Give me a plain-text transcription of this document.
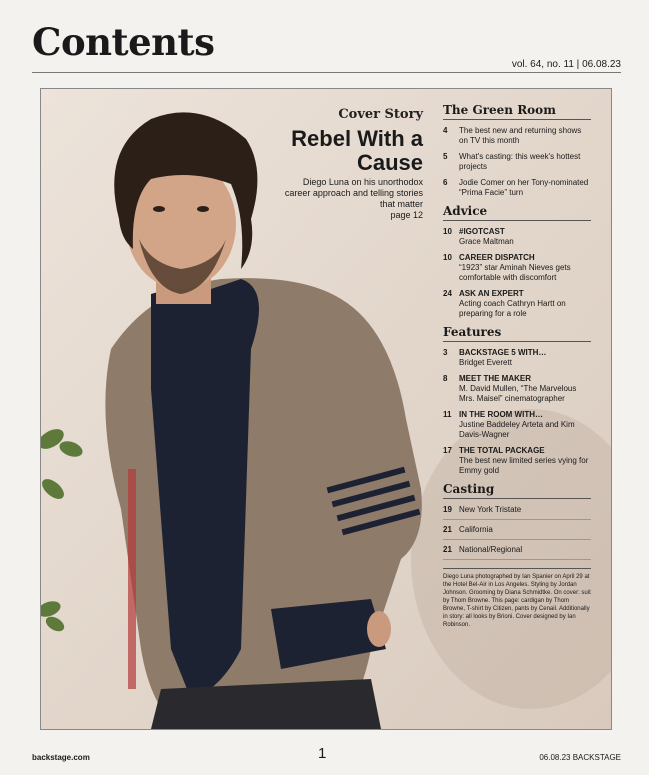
Contents
vol. 64, no. 11 | 06.08.23
Cover Story
Rebel With a Cause
Diego Luna on his unorthodox career approach and telling stories that matter
page 12
The Green Room
4	The best new and returning shows on TV this month
5	What's casting: this week's hottest projects
6	Jodie Comer on her Tony-nominated “Prima Facie” turn
Advice
10 #IGOTCAST
Grace Maltman
10 CAREER DISPATCH
“1923” star Aminah Nieves gets comfortable with discomfort
24 ASK AN EXPERT
Acting coach Cathryn Hartt on preparing for a role
Features
3	BACKSTAGE 5 WITH…
Bridget Everett
8	MEET THE MAKER
M. David Mullen, “The Marvelous Mrs. Maisel” cinematographer
11 IN THE ROOM WITH…
Justine Baddeley Arteta and Kim Davis-Wagner
17 THE TOTAL PACKAGE
The best new limited series vying for Emmy gold
Casting
19 New York Tristate
21 California
21 National/Regional
Diego Luna photographed by Ian Spanier on April 29 at the Hotel Bel-Air in Los Angeles. Styling by Jordan Johnson. Grooming by Diana Schmidtke. On cover: suit by Thom Browne. This page: cardigan by Thom Browne, T-shirt by Citizen, pants by Cenail. Additionally in story: all looks by Brioni. Cover designed by Ian Robinson.
backstage.com	1	06.08.23 BACKSTAGE
